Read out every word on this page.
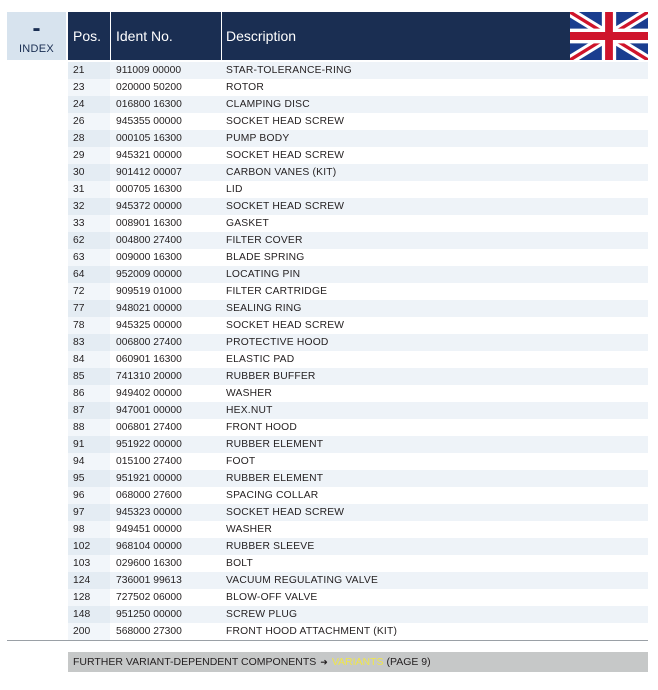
-
INDEX
Pos.	Ident No.	Description
21	911009 00000	STAR-TOLERANCE-RING
23	020000 50200	ROTOR
24	016800 16300	CLAMPING DISC
26	945355 00000	SOCKET HEAD SCREW
28	000105 16300	PUMP BODY
29	945321 00000	SOCKET HEAD SCREW
30	901412 00007	CARBON VANES (KIT)
31	000705 16300	LID
32	945372 00000	SOCKET HEAD SCREW
33	008901 16300	GASKET
62	004800 27400	FILTER COVER
63	009000 16300	BLADE SPRING
64	952009 00000	LOCATING PIN
72	909519 01000	FILTER CARTRIDGE
77	948021 00000	SEALING RING
78	945325 00000	SOCKET HEAD SCREW
83	006800 27400	PROTECTIVE HOOD
84	060901 16300	ELASTIC PAD
85	741310 20000	RUBBER BUFFER
86	949402 00000	WASHER
87	947001 00000	HEX.NUT
88	006801 27400	FRONT HOOD
91	951922 00000	RUBBER ELEMENT
94	015100 27400	FOOT
95	951921 00000	RUBBER ELEMENT
96	068000 27600	SPACING COLLAR
97	945323 00000	SOCKET HEAD SCREW
98	949451 00000	WASHER
102	968104 00000	RUBBER SLEEVE
103	029600 16300	BOLT
124	736001 99613	VACUUM REGULATING VALVE
128	727502 06000	BLOW-OFF VALVE
148	951250 00000	SCREW PLUG
200	568000 27300	FRONT HOOD ATTACHMENT (KIT)
FURTHER VARIANT-DEPENDENT COMPONENTS ➜ VARIANTS (PAGE 9)
